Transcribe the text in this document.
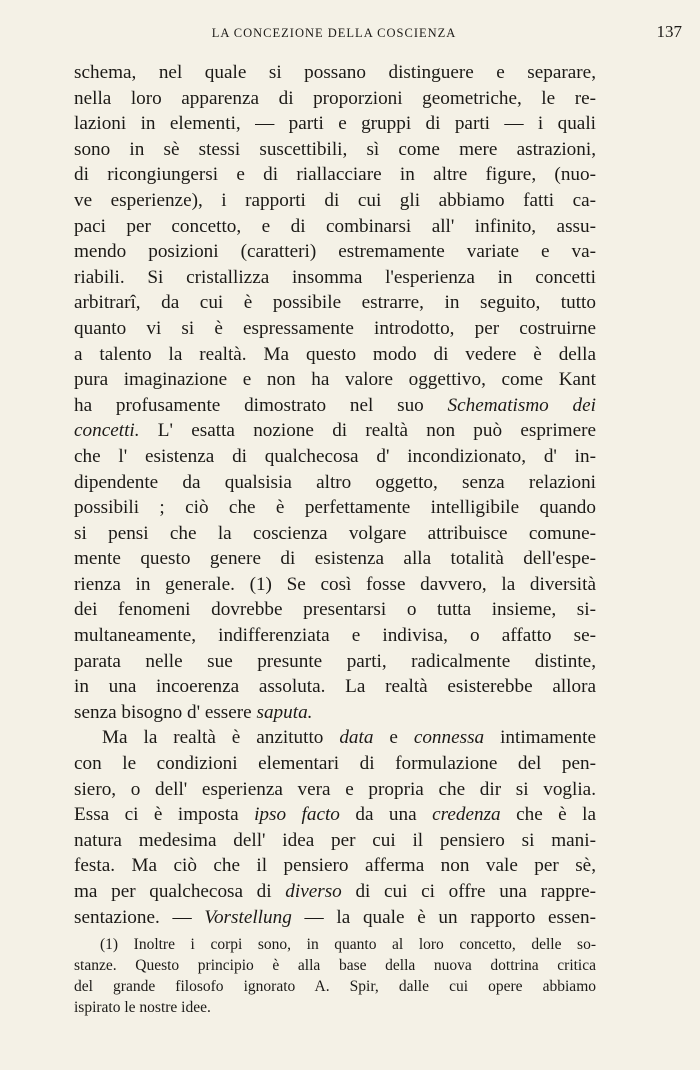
LA CONCEZIONE DELLA COSCIENZA	137
schema, nel quale si possano distinguere e separare,
nella loro apparenza di proporzioni geometriche, le re-
lazioni in elementi, — parti e gruppi di parti — i quali
sono in sè stessi suscettibili, sì come mere astrazioni,
di ricongiungersi e di riallacciare in altre figure, (nuo-
ve esperienze), i rapporti di cui gli abbiamo fatti ca-
paci per concetto, e di combinarsi all' infinito, assu-
mendo posizioni (caratteri) estremamente variate e va-
riabili. Si cristallizza insomma l'esperienza in concetti
arbitrarî, da cui è possibile estrarre, in seguito, tutto
quanto vi si è espressamente introdotto, per costruirne
a talento la realtà. Ma questo modo di vedere è della
pura imaginazione e non ha valore oggettivo, come Kant
ha profusamente dimostrato nel suo Schematismo dei
concetti. L' esatta nozione di realtà non può esprimere
che l' esistenza di qualchecosa d' incondizionato, d' in-
dipendente da qualsisia altro oggetto, senza relazioni
possibili ; ciò che è perfettamente intelligibile quando
si pensi che la coscienza volgare attribuisce comune-
mente questo genere di esistenza alla totalità dell'espe-
rienza in generale. (1) Se così fosse davvero, la diversità
dei fenomeni dovrebbe presentarsi o tutta insieme, si-
multaneamente, indifferenziata e indivisa, o affatto se-
parata nelle sue presunte parti, radicalmente distinte,
in una incoerenza assoluta. La realtà esisterebbe allora
senza bisogno d' essere saputa.
Ma la realtà è anzitutto data e connessa intimamente
con le condizioni elementari di formulazione del pen-
siero, o dell' esperienza vera e propria che dir si voglia.
Essa ci è imposta ipso facto da una credenza che è la
natura medesima dell' idea per cui il pensiero si mani-
festa. Ma ciò che il pensiero afferma non vale per sè,
ma per qualchecosa di diverso di cui ci offre una rappre-
sentazione. — Vorstellung — la quale è un rapporto essen-
(1) Inoltre i corpi sono, in quanto al loro concetto, delle so-
stanze. Questo principio è alla base della nuova dottrina critica
del grande filosofo ignorato A. Spir, dalle cui opere abbiamo
ispirato le nostre idee.
